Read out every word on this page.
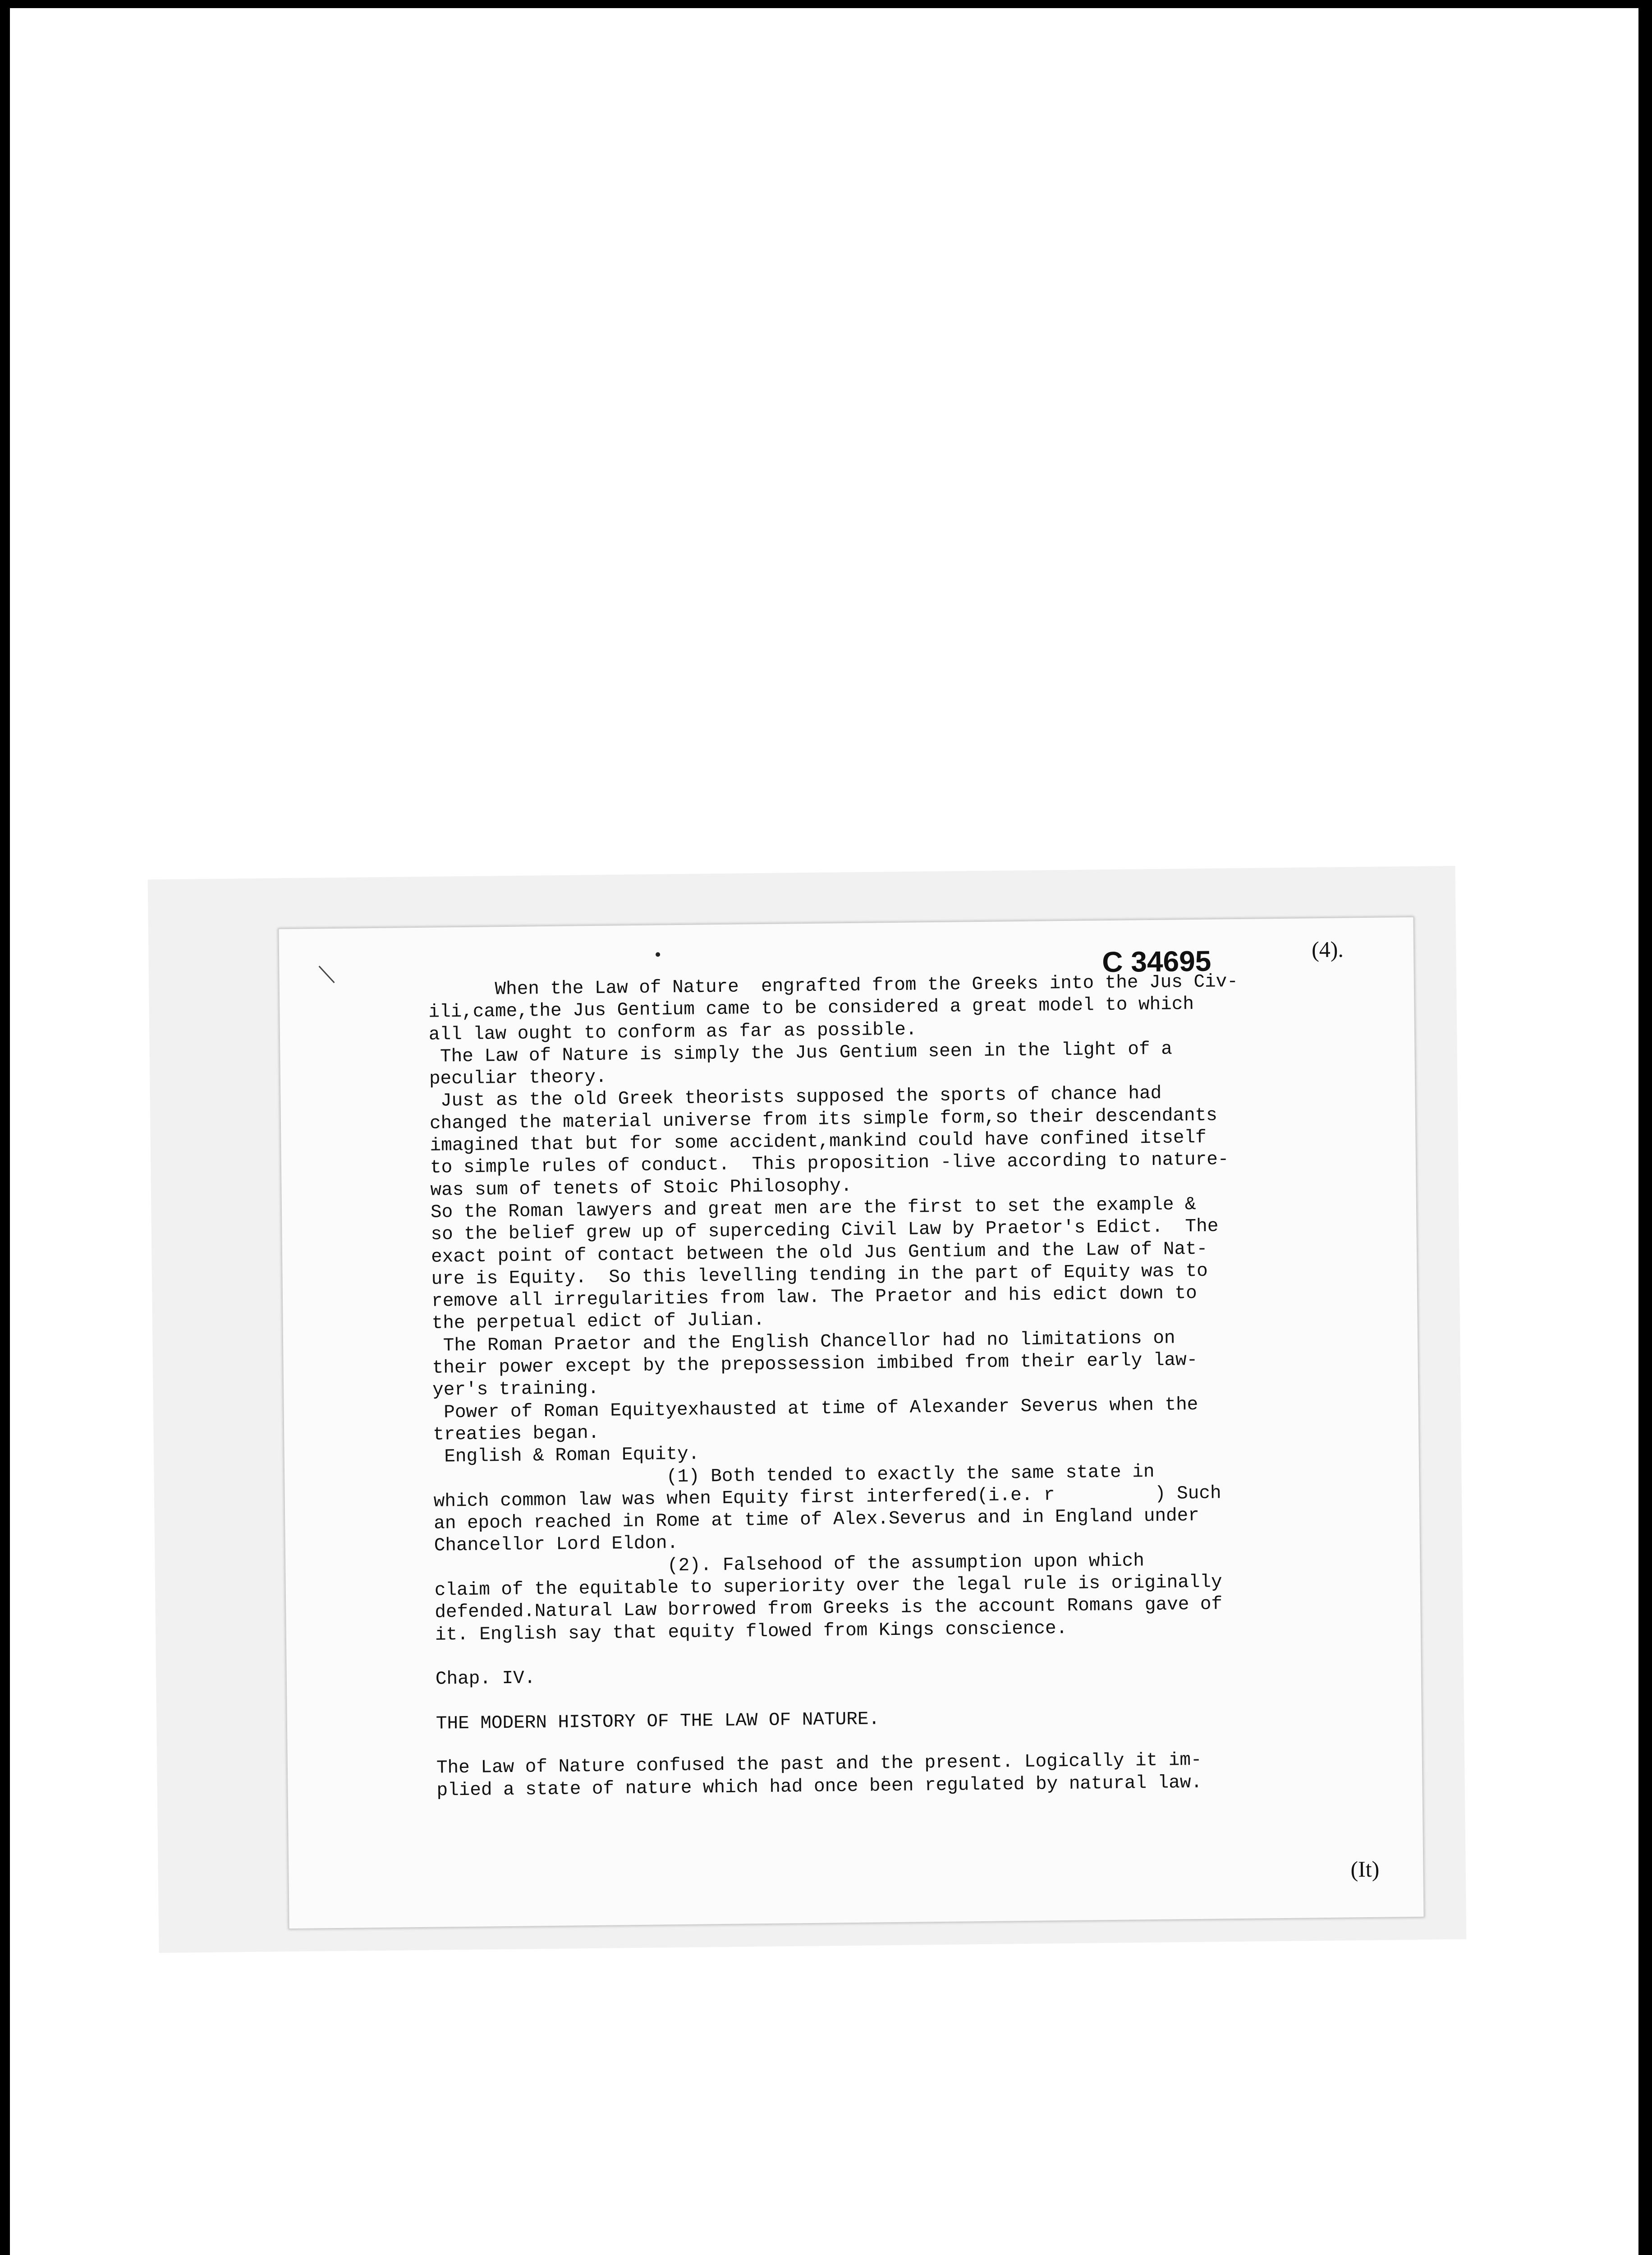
C 34695	(4).
When the Law of Nature  engrafted from the Greeks into the Jus Civ-
ili,came,the Jus Gentium came to be considered a great model to which
all law ought to conform as far as possible.
The Law of Nature is simply the Jus Gentium seen in the light of a
peculiar theory.
Just as the old Greek theorists supposed the sports of chance had
changed the material universe from its simple form,so their descendants
imagined that but for some accident,mankind could have confined itself
to simple rules of conduct.  This proposition -live according to nature-
was sum of tenets of Stoic Philosophy.
So the Roman lawyers and great men are the first to set the example &
so the belief grew up of superceding Civil Law by Praetor's Edict.  The
exact point of contact between the old Jus Gentium and the Law of Nat-
ure is Equity.  So this levelling tending in the part of Equity was to
remove all irregularities from law. The Praetor and his edict down to
the perpetual edict of Julian.
The Roman Praetor and the English Chancellor had no limitations on
their power except by the prepossession imbibed from their early law-
yer's training.
Power of Roman Equityexhausted at time of Alexander Severus when the
treaties began.
English & Roman Equity.
(1) Both tended to exactly the same state in
which common law was when Equity first interfered(i.e. r         ) Such
an epoch reached in Rome at time of Alex.Severus and in England under
Chancellor Lord Eldon.
(2). Falsehood of the assumption upon which
claim of the equitable to superiority over the legal rule is originally
defended.Natural Law borrowed from Greeks is the account Romans gave of
it. English say that equity flowed from Kings conscience.

Chap. IV.

THE MODERN HISTORY OF THE LAW OF NATURE.

The Law of Nature confused the past and the present. Logically it im-
plied a state of nature which had once been regulated by natural law.
(It)
